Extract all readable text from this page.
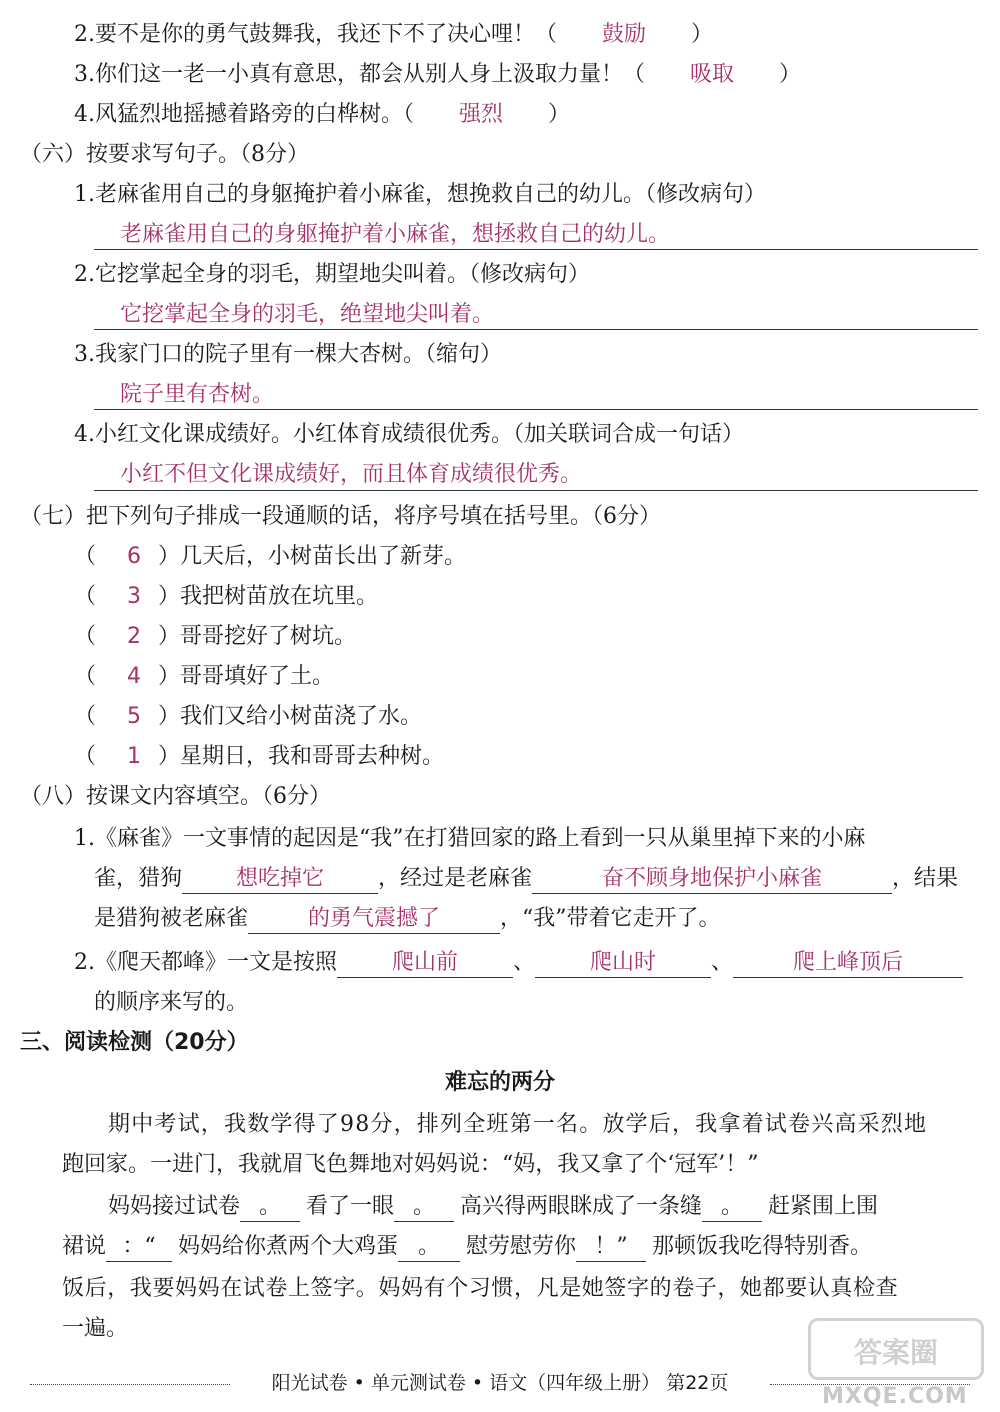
2.要不是你的勇气鼓舞我，我还下不了决心哩！（ 鼓励 ）
3.你们这一老一小真有意思，都会从别人身上汲取力量！（ 吸取 ）
4.风猛烈地摇撼着路旁的白桦树。（ 强烈 ）
（六）按要求写句子。（8分）
1.老麻雀用自己的身躯掩护着小麻雀，想挽救自己的幼儿。（修改病句）
老麻雀用自己的身躯掩护着小麻雀，想拯救自己的幼儿。
2.它挖掌起全身的羽毛，期望地尖叫着。（修改病句）
它挖掌起全身的羽毛，绝望地尖叫着。
3.我家门口的院子里有一棵大杏树。（缩句）
院子里有杏树。
4.小红文化课成绩好。小红体育成绩很优秀。（加关联词合成一句话）
小红不但文化课成绩好，而且体育成绩很优秀。
（七）把下列句子排成一段通顺的话，将序号填在括号里。（6分）
（ 6 ）几天后，小树苗长出了新芽。
（ 3 ）我把树苗放在坑里。
（ 2 ）哥哥挖好了树坑。
（ 4 ）哥哥填好了土。
（ 5 ）我们又给小树苗浇了水。
（ 1 ）星期日，我和哥哥去种树。
（八）按课文内容填空。（6分）
1.《麻雀》一文事情的起因是“我”在打猎回家的路上看到一只从巢里掉下来的小麻
雀，猎狗 想吃掉它 ，经过是老麻雀	奋不顾身地保护小麻雀	，结果
是猎狗被老麻雀	的勇气震撼了	，“我”带着它走开了。
2.《爬天都峰》一文是按照 爬山前	、 爬山时	、	爬上峰顶后
的顺序来写的。
三、阅读检测（20分）
难忘的两分
期中考试，我数学得了98分，排列全班第一名。放学后，我拿着试卷兴高采烈地
跑回家。一进门，我就眉飞色舞地对妈妈说：“妈，我又拿了个‘冠军’！”
妈妈接过试卷 。 看了一眼 。 高兴得两眼眯成了一条缝 。 赶紧围上围
裙说 ：“ 妈妈给你煮两个大鸡蛋 。 慰劳慰劳你 ！” 那顿饭我吃得特别香。
饭后，我要妈妈在试卷上签字。妈妈有个习惯，凡是她签字的卷子，她都要认真检查
一遍。
阳光试卷 • 单元测试卷 • 语文（四年级上册） 第22页
答案圈
MXQE.COM
